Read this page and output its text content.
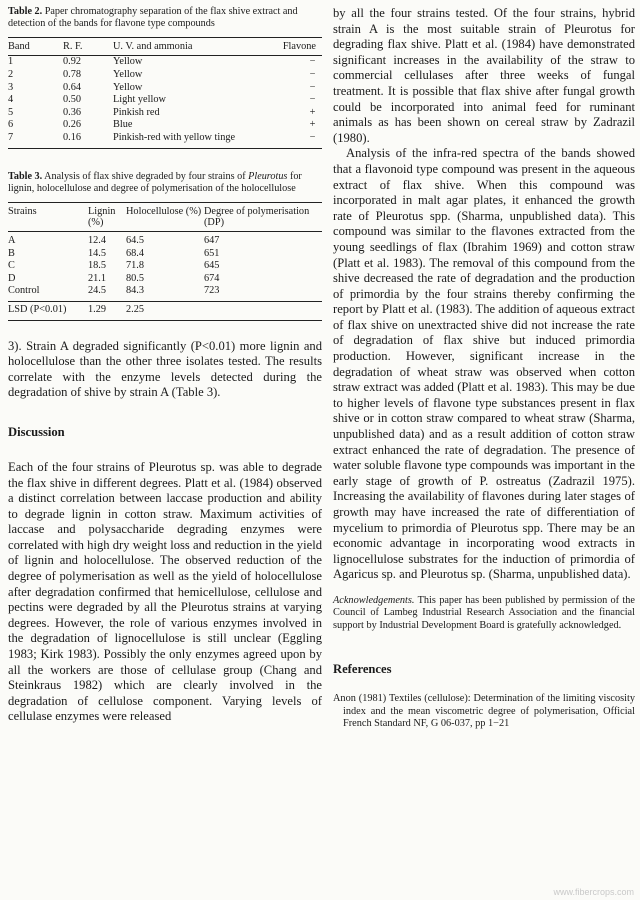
Table 2. Paper chromatography separation of the flax shive extract and detection of the bands for flavone type compounds

Band	R. F.	U. V. and ammonia	Flavone
1	0.92	Yellow	−
2	0.78	Yellow	−
3	0.64	Yellow	−
4	0.50	Light yellow	−
5	0.36	Pinkish red	+
6	0.26	Blue	+
7	0.16	Pinkish-red with yellow tinge	−

Table 3. Analysis of flax shive degraded by four strains of Pleurotus for lignin, holocellulose and degree of polymerisation of the holocellulose

Strains	Lignin (%)	Holocellulose (%)	Degree of polymerisation (DP)
A	12.4	64.5	647
B	14.5	68.4	651
C	18.5	71.8	645
D	21.1	80.5	674
Control	24.5	84.3	723
LSD (P<0.01)	1.29	2.25	

3). Strain A degraded significantly (P<0.01) more lignin and holocellulose than the other three isolates tested. The results correlate with the enzyme levels detected during the degradation of shive by strain A (Table 3).

Discussion

Each of the four strains of Pleurotus sp. was able to degrade the flax shive in different degrees. Platt et al. (1984) observed a distinct correlation between laccase production and ability to degrade lignin in cotton straw. Maximum activities of laccase and polysaccharide degrading enzymes were correlated with high dry weight loss and reduction in the yield of lignin and holocellulose. The observed reduction of the degree of polymerisation as well as the yield of holocellulose after degradation confirmed that hemicellulose, cellulose and pectins were degraded by all the Pleurotus strains at varying degrees. However, the role of various enzymes involved in the degradation of lignocellulose is still unclear (Eggling 1983; Kirk 1983). Possibly the only enzymes agreed upon by all the workers are those of cellulase group (Chang and Steinkraus 1982) which are clearly involved in the degradation of cellulose component. Varying levels of cellulase enzymes were released

by all the four strains tested. Of the four strains, hybrid strain A is the most suitable strain of Pleurotus for degrading flax shive. Platt et al. (1984) have demonstrated significant increases in the availability of the straw to commercial cellulases after three weeks of fungal treatment. It is possible that flax shive after fungal growth could be incorporated into animal feed for ruminant animals as has been shown on cereal straw by Zadrazil (1980).

Analysis of the infra-red spectra of the bands showed that a flavonoid type compound was present in the aqueous extract of flax shive. When this compound was incorporated in malt agar plates, it enhanced the growth rate of Pleurotus spp. (Sharma, unpublished data). This compound was similar to the flavones extracted from the young seedlings of flax (Ibrahim 1969) and cotton straw (Platt et al. 1983). The removal of this compound from the shive decreased the rate of degradation and the production of primordia by the four strains thereby confirming the report by Platt et al. (1983). The addition of aqueous extract of flax shive on unextracted shive did not increase the rate of degradation of flax shive but induced primordia production. However, significant increase in the degradation of wheat straw was observed when cotton straw extract was added (Platt et al. 1983). This may be due to higher levels of flavone type substances present in flax shive or in cotton straw compared to wheat straw (Sharma, unpublished data) and as a result addition of cotton straw extract enhanced the rate of degradation. The presence of water soluble flavone type compounds was important in the early stage of growth of P. ostreatus (Zadrazil 1975). Increasing the availability of flavones during later stages of growth may have increased the rate of differentiation of mycelium to primordia of Pleurotus spp. There may be an economic advantage in incorporating wood extracts in lignocellulose substrates for the induction of primordia of Agaricus sp. and Pleurotus sp. (Sharma, unpublished data).

Acknowledgements. This paper has been published by permission of the Council of Lambeg Industrial Research Association and the financial support by Industrial Development Board is gratefully acknowledged.

References

Anon (1981) Textiles (cellulose): Determination of the limiting viscosity index and the mean viscometric degree of polymerisation, Official French Standard NF, G 06-037, pp 1−21

www.fibercrops.com
